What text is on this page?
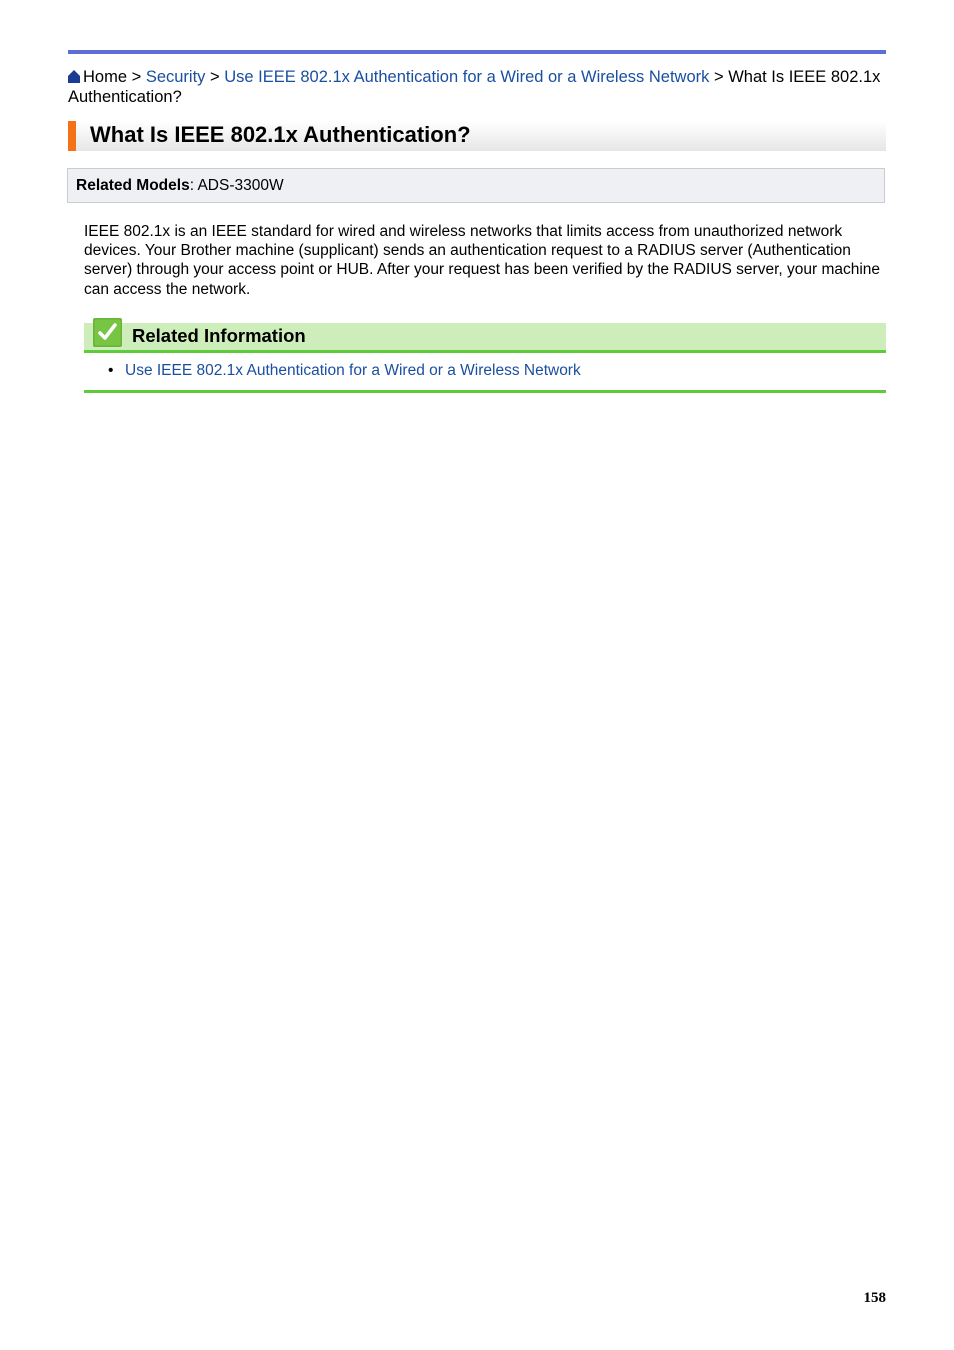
Home > Security > Use IEEE 802.1x Authentication for a Wired or a Wireless Network > What Is IEEE 802.1x Authentication?
What Is IEEE 802.1x Authentication?
Related Models: ADS-3300W
IEEE 802.1x is an IEEE standard for wired and wireless networks that limits access from unauthorized network devices. Your Brother machine (supplicant) sends an authentication request to a RADIUS server (Authentication server) through your access point or HUB. After your request has been verified by the RADIUS server, your machine can access the network.
Related Information
• Use IEEE 802.1x Authentication for a Wired or a Wireless Network
158
